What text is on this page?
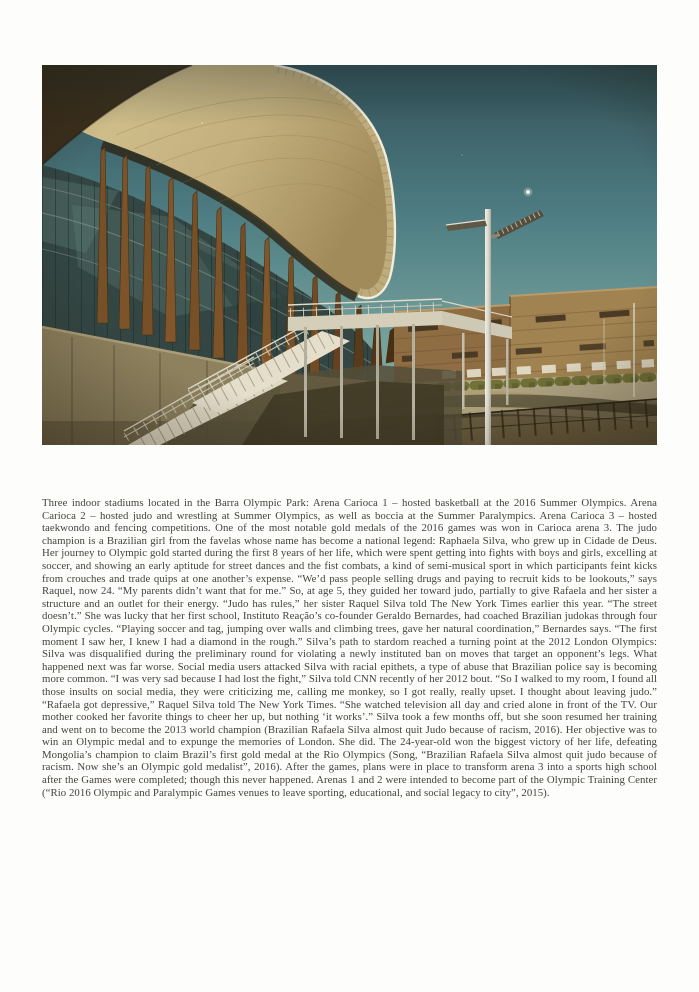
Three indoor stadiums located in the Barra Olympic Park: Arena Carioca 1 – hosted basketball at the 2016 Summer Olympics. Arena Carioca 2 – hosted judo and wrestling at Summer Olympics, as well as boccia at the Summer Paralympics. Arena Carioca 3 – hosted taekwondo and fencing competitions. One of the most notable gold medals of the 2016 games was won in Carioca arena 3. The judo champion is a Brazilian girl from the favelas whose name has become a national legend: Raphaela Silva, who grew up in Cidade de Deus. Her journey to Olympic gold started during the first 8 years of her life, which were spent getting into fights with boys and girls, excelling at soccer, and showing an early aptitude for street dances and the fist combats, a kind of semi-musical sport in which participants feint kicks from crouches and trade quips at one another’s expense. “We’d pass people selling drugs and paying to recruit kids to be lookouts,” says Raquel, now 24. “My parents didn’t want that for me.” So, at age 5, they guided her toward judo, partially to give Rafaela and her sister a structure and an outlet for their energy. “Judo has rules,” her sister Raquel Silva told The New York Times earlier this year. “The street doesn’t.” She was lucky that her first school, Instituto Reação’s co-founder Geraldo Bernardes, had coached Brazilian judokas through four Olympic cycles. “Playing soccer and tag, jumping over walls and climbing trees, gave her natural coordination,” Bernardes says. “The first moment I saw her, I knew I had a diamond in the rough.” Silva’s path to stardom reached a turning point at the 2012 London Olympics: Silva was disqualified during the preliminary round for violating a newly instituted ban on moves that target an opponent’s legs. What happened next was far worse. Social media users attacked Silva with racial epithets, a type of abuse that Brazilian police say is becoming more common. “I was very sad because I had lost the fight,” Silva told CNN recently of her 2012 bout. “So I walked to my room, I found all those insults on social media, they were criticizing me, calling me monkey, so I got really, really upset. I thought about leaving judo.” “Rafaela got depressive,” Raquel Silva told The New York Times. “She watched television all day and cried alone in front of the TV. Our mother cooked her favorite things to cheer her up, but nothing ‘it works’.” Silva took a few months off, but she soon resumed her training and went on to become the 2013 world champion (Brazilian Rafaela Silva almost quit Judo because of racism, 2016). Her objective was to win an Olympic medal and to expunge the memories of London. She did. The 24-year-old won the biggest victory of her life, defeating Mongolia’s champion to claim Brazil’s first gold medal at the Rio Olympics (Song, “Brazilian Rafaela Silva almost quit judo because of racism. Now she’s an Olympic gold medalist”, 2016). After the games, plans were in place to transform arena 3 into a sports high school after the Games were completed; though this never happened. Arenas 1 and 2 were intended to become part of the Olympic Training Center (“Rio 2016 Olympic and Paralympic Games venues to leave sporting, educational, and social legacy to city”, 2015).
